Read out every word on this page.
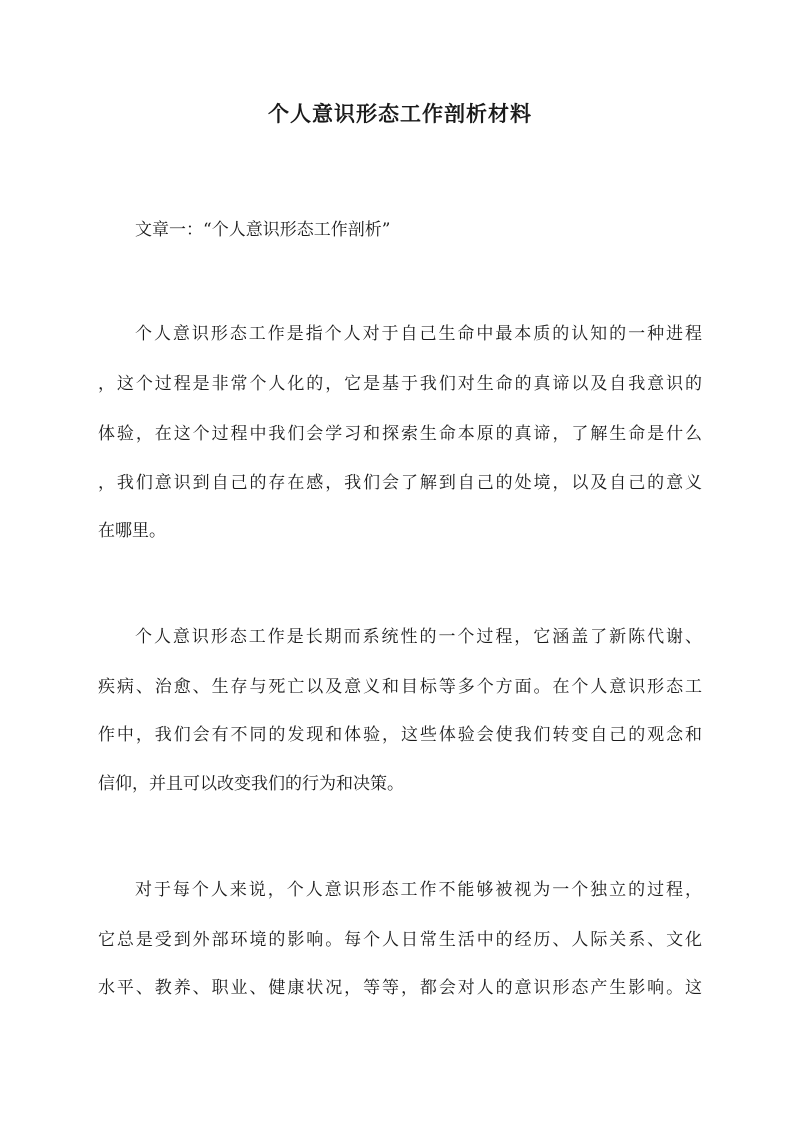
个人意识形态工作剖析材料

文章一：“个人意识形态工作剖析”

个人意识形态工作是指个人对于自己生命中最本质的认知的一种进程
，这个过程是非常个人化的，它是基于我们对生命的真谛以及自我意识的
体验，在这个过程中我们会学习和探索生命本原的真谛，了解生命是什么
，我们意识到自己的存在感，我们会了解到自己的处境，以及自己的意义
在哪里。
个人意识形态工作是长期而系统性的一个过程，它涵盖了新陈代谢、
疾病、治愈、生存与死亡以及意义和目标等多个方面。在个人意识形态工
作中，我们会有不同的发现和体验，这些体验会使我们转变自己的观念和
信仰，并且可以改变我们的行为和决策。
对于每个人来说，个人意识形态工作不能够被视为一个独立的过程，
它总是受到外部环境的影响。每个人日常生活中的经历、人际关系、文化
水平、教养、职业、健康状况，等等，都会对人的意识形态产生影响。这
